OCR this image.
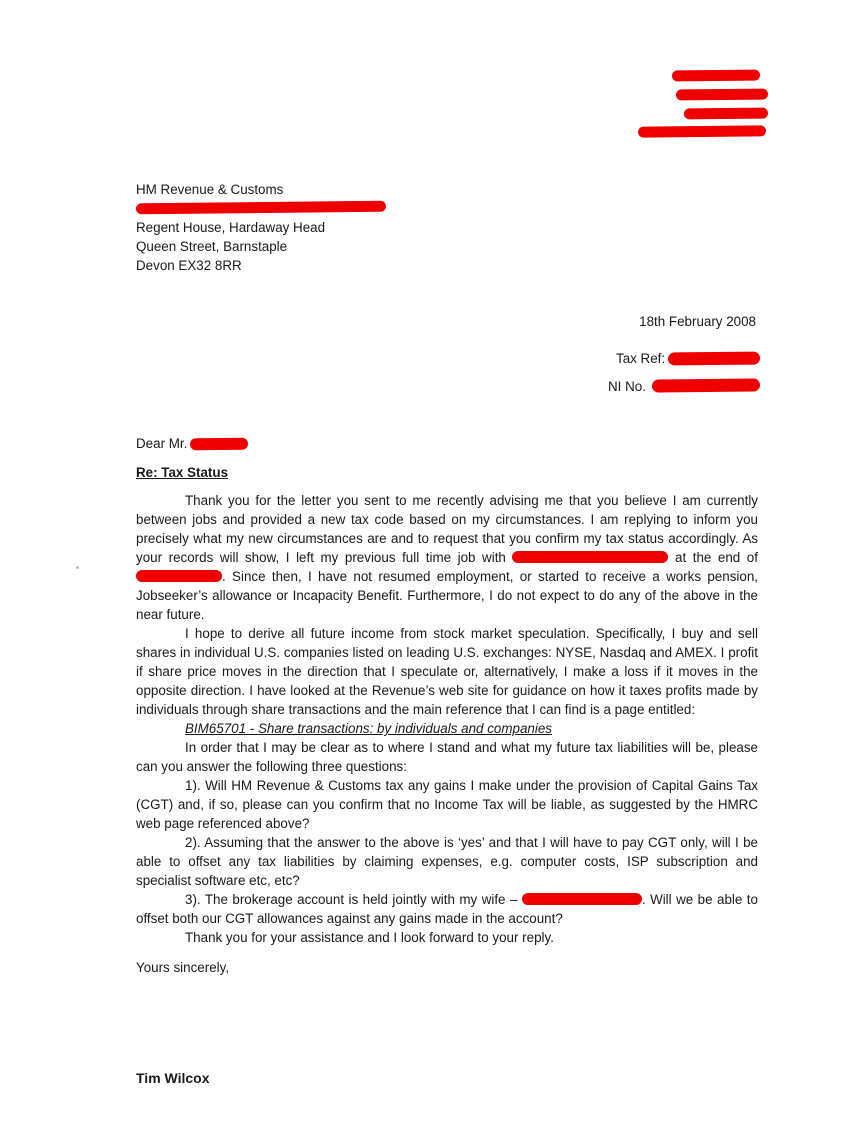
HM Revenue & Customs
Regent House, Hardaway Head
Queen Street, Barnstaple
Devon EX32 8RR
18th February 2008
Tax Ref:
NI No.
Dear Mr.
Re: Tax Status

Thank you for the letter you sent to me recently advising me that you believe I am currently between jobs and provided a new tax code based on my circumstances. I am replying to inform you precisely what my new circumstances are and to request that you confirm my tax status accordingly. As your records will show, I left my previous full time job with	at the end of . Since then, I have not resumed employment, or started to receive a works pension, Jobseeker’s allowance or Incapacity Benefit. Furthermore, I do not expect to do any of the above in the near future.

I hope to derive all future income from stock market speculation. Specifically, I buy and sell shares in individual U.S. companies listed on leading U.S. exchanges: NYSE, Nasdaq and AMEX. I profit if share price moves in the direction that I speculate or, alternatively, I make a loss if it moves in the opposite direction. I have looked at the Revenue’s web site for guidance on how it taxes profits made by individuals through share transactions and the main reference that I can find is a page entitled:

BIM65701 - Share transactions: by individuals and companies

In order that I may be clear as to where I stand and what my future tax liabilities will be, please can you answer the following three questions:

1). Will HM Revenue & Customs tax any gains I make under the provision of Capital Gains Tax (CGT) and, if so, please can you confirm that no Income Tax will be liable, as suggested by the HMRC web page referenced above?

2). Assuming that the answer to the above is ‘yes’ and that I will have to pay CGT only, will I be able to offset any tax liabilities by claiming expenses, e.g. computer costs, ISP subscription and specialist software etc, etc?

3). The brokerage account is held jointly with my wife –	. Will we be able to offset both our CGT allowances against any gains made in the account?

Thank you for your assistance and I look forward to your reply.

Yours sincerely,
Tim Wilcox
